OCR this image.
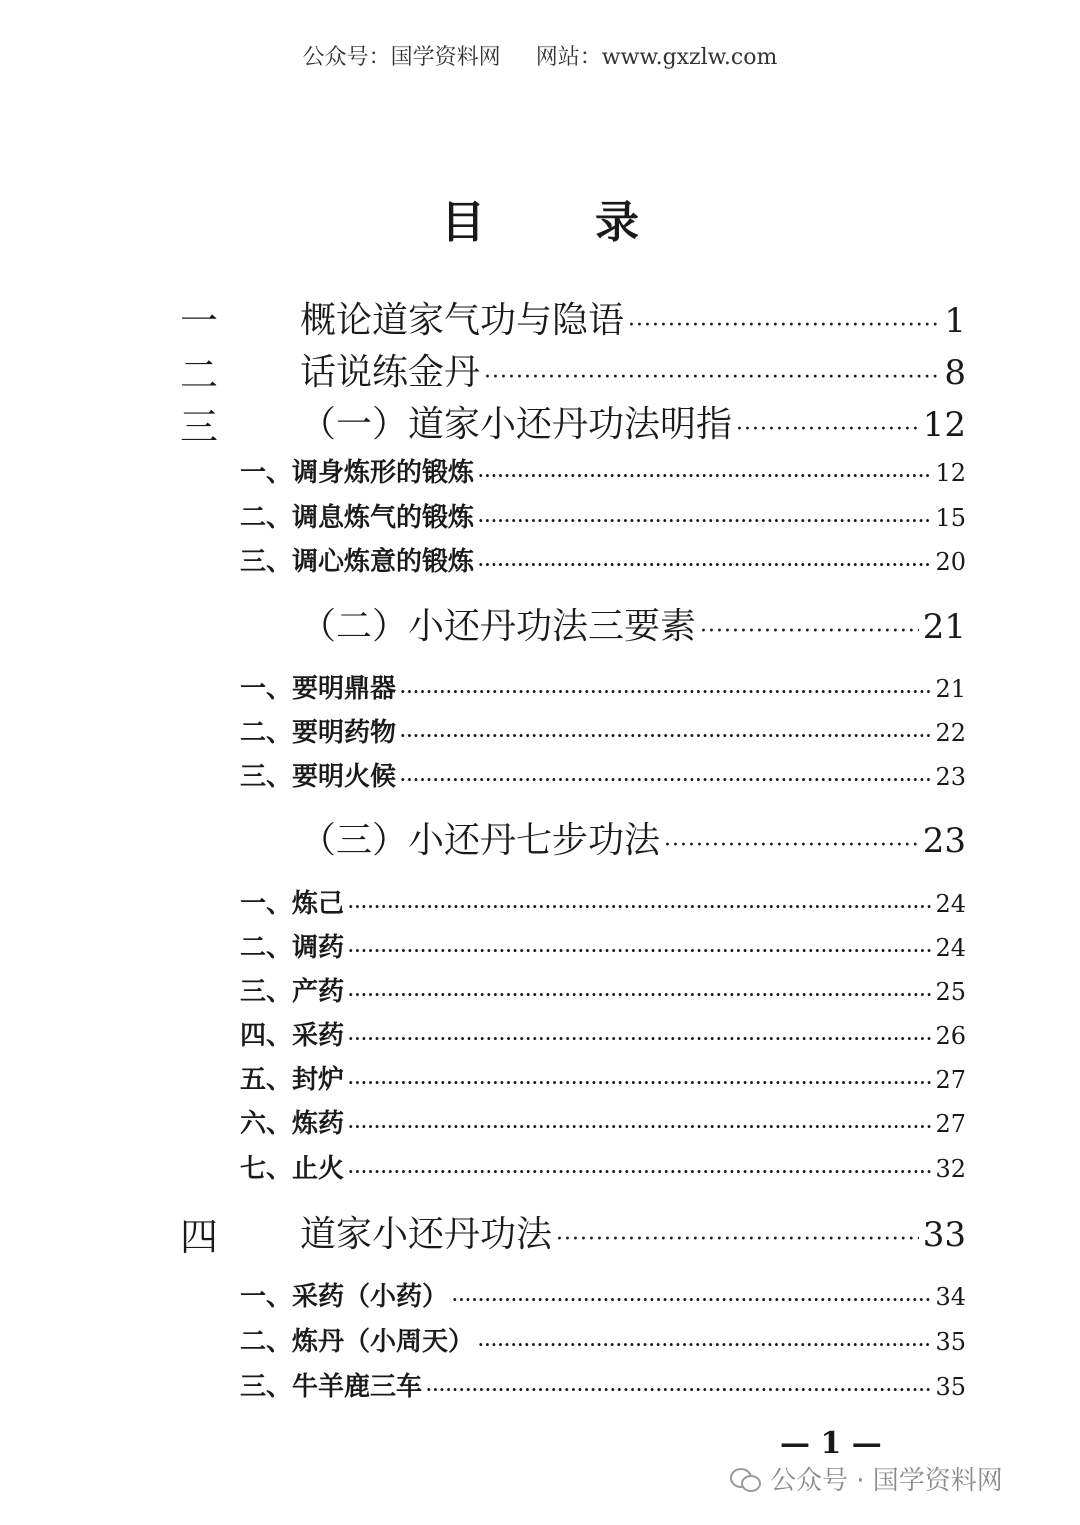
公众号：国学资料网 网站：www.gxzlw.com
目	录
一 概论道家气功与隐语 ·····	1
二 话说练金丹 ·····	8
三 （一）道家小还丹功法明指 ·····	12
一、调身炼形的锻炼 ·····	12
二、调息炼气的锻炼 ·····	15
三、调心炼意的锻炼 ·····	20
（二）小还丹功法三要素 ·····	21
一、要明鼎器 ·····	21
二、要明药物 ·····	22
三、要明火候 ·····	23
（三）小还丹七步功法 ·····	23
一、炼己 ·····	24
二、调药 ·····	24
三、产药 ·····	25
四、采药 ·····	26
五、封炉 ·····	27
六、炼药 ·····	27
七、止火 ·····	32
四 道家小还丹功法 ·····	33
一、采药（小药） ·····	34
二、炼丹（小周天） ·····	35
三、牛羊鹿三车 ·····	35
— 1 —
公众号 · 国学资料网
